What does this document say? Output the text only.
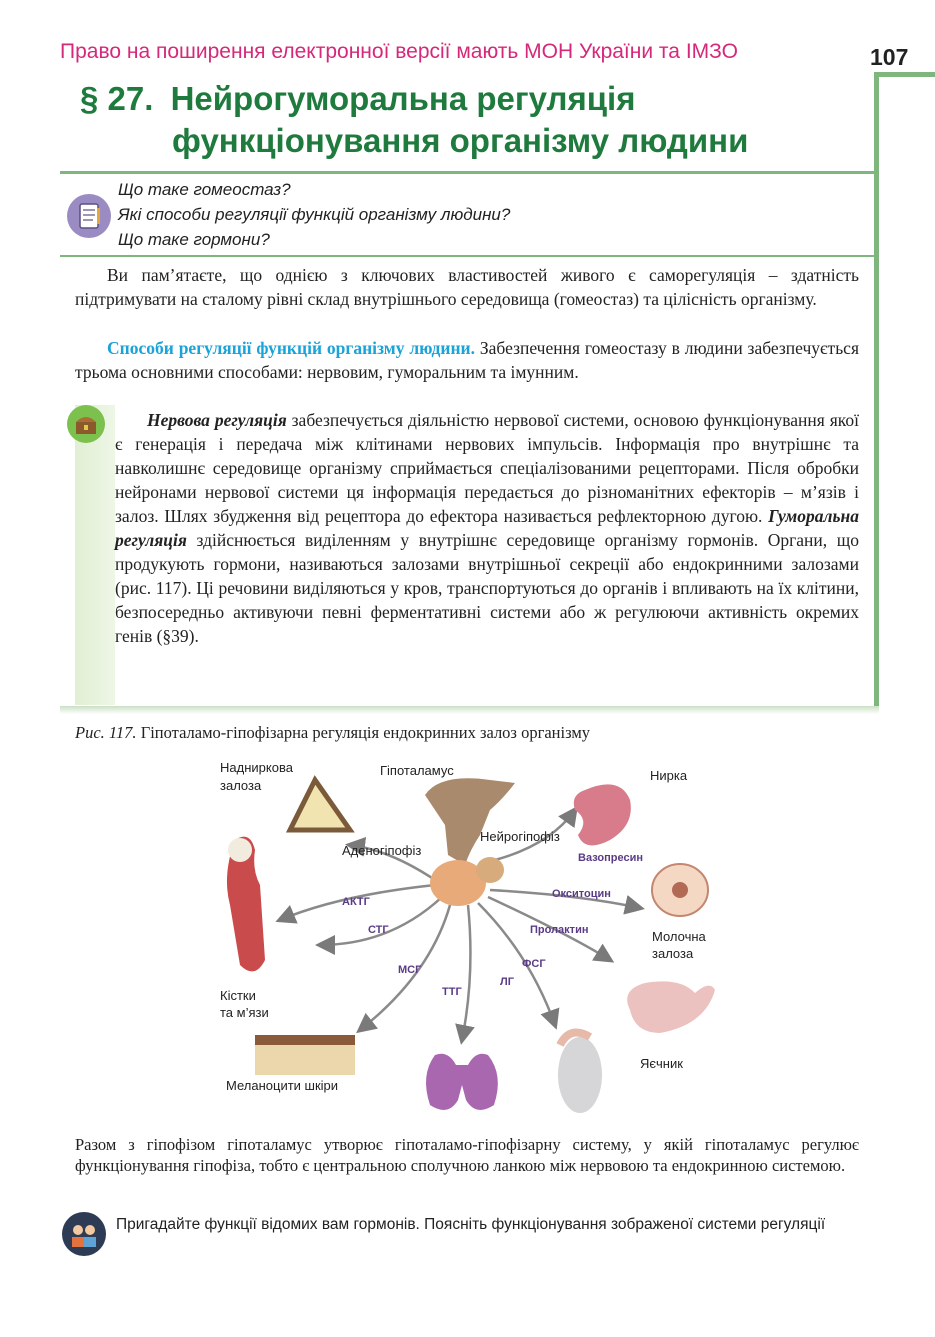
Право на поширення електронної версії мають МОН України та ІМЗО	107
§ 27. Нейрогуморальна регуляція
функціонування організму людини
Що таке гомеостаз?
Які способи регуляції функцій організму людини?
Що таке гормони?

Ви пам’ятаєте, що однією з ключових властивостей живого є саморегуляція – здатність підтримувати на сталому рівні склад внутрішнього середовища (гомеостаз) та цілісність організму.

Способи регуляції функцій організму людини. Забезпечення гомеостазу в людини забезпечується трьома основними способами: нервовим, гуморальним та імунним.

Нервова регуляція забезпечується діяльністю нервової системи, основою функціонування якої є генерація і передача між клітинами нервових імпульсів. Інформація про внутрішнє та навколишнє середовище організму сприймається спеціалізованими рецепторами. Після обробки нейронами нервової системи ця інформація передається до різноманітних ефекторів – м’язів і залоз. Шлях збудження від рецептора до ефектора називається рефлекторною дугою. Гуморальна регуляція здійснюється виділенням у внутрішнє середовище організму гормонів. Органи, що продукують гормони, називаються залозами внутрішньої секреції або ендокринними залозами (рис. 117). Ці речовини виділяються у кров, транспортуються до органів і впливають на їх клітини, безпосередньо активуючи певні ферментативні системи або ж регулюючи активність окремих генів (§39).

Рис. 117. Гіпоталамо-гіпофізарна регуляція ендокринних залоз організму
Надниркова
залоза
Гіпоталамус	Нирка
Нейрогіпофіз
Аденогіпофіз
Кістки
та м’язи
Молочна
залоза
Яєчник
Меланоцити шкіри
Вазопресин
Окситоцин
Пролактин
АКТГ
СТГ
МСГ
ТТГ
ЛГ
ФСГ

Разом з гіпофізом гіпоталамус утворює гіпоталамо-гіпофізарну систему, у якій гіпоталамус регулює функціонування гіпофіза, тобто є центральною сполучною ланкою між нервовою та ендокринною системою.

Пригадайте функції відомих вам гормонів. Поясніть функціонування зображеної системи регуляції
